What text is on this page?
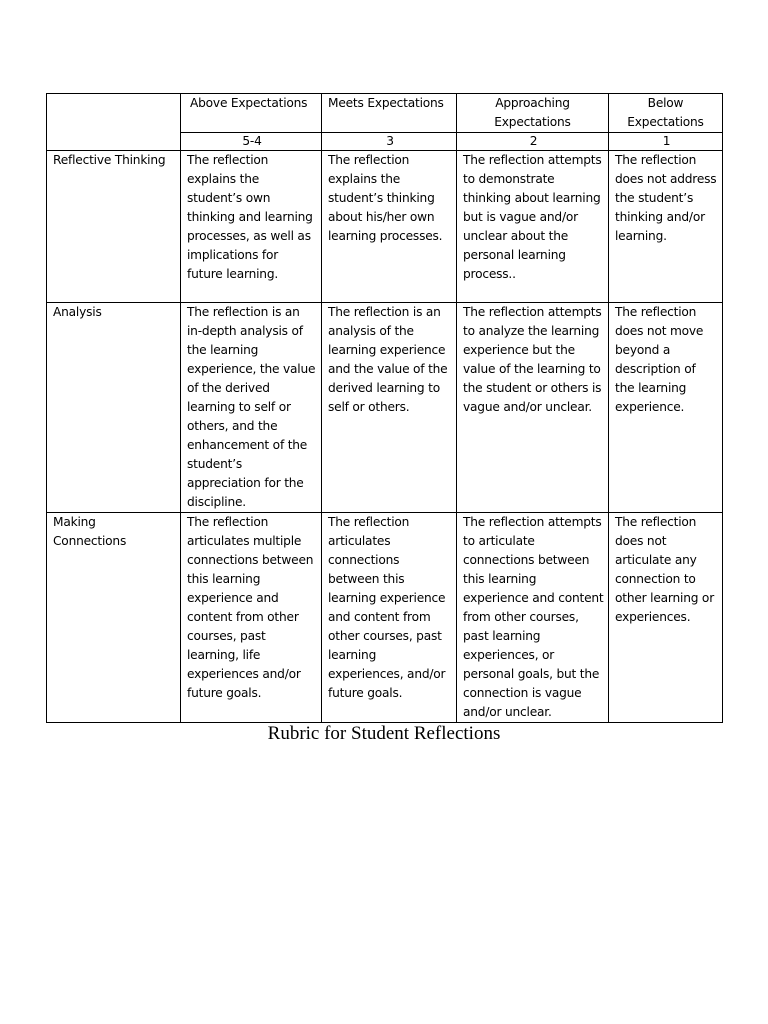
	Above Expectations	Meets Expectations	Approaching Expectations	Below Expectations
	5-4	3	2	1
Reflective Thinking	The reflection explains the student’s own thinking and learning processes, as well as implications for future learning.	The reflection explains the student’s thinking about his/her own learning processes.	The reflection attempts to demonstrate thinking about learning but is vague and/or unclear about the personal learning process..	The reflection does not address the student’s thinking and/or learning.
Analysis	The reflection is an in-depth analysis of the learning experience, the value of the derived learning to self or others, and the enhancement of the student’s appreciation for the discipline.	The reflection is an analysis of the learning experience and the value of the derived learning to self or others.	The reflection attempts to analyze the learning experience but the value of the learning to the student or others is vague and/or unclear.	The reflection does not move beyond a description of the learning experience.
Making Connections	The reflection articulates multiple connections between this learning experience and content from other courses, past learning, life experiences and/or future goals.	The reflection articulates connections between this learning experience and content from other courses, past learning experiences, and/or future goals.	The reflection attempts to articulate connections between this learning experience and content from other courses, past learning experiences, or personal goals, but the connection is vague and/or unclear.	The reflection does not articulate any connection to other learning or experiences.
Rubric for Student Reflections
